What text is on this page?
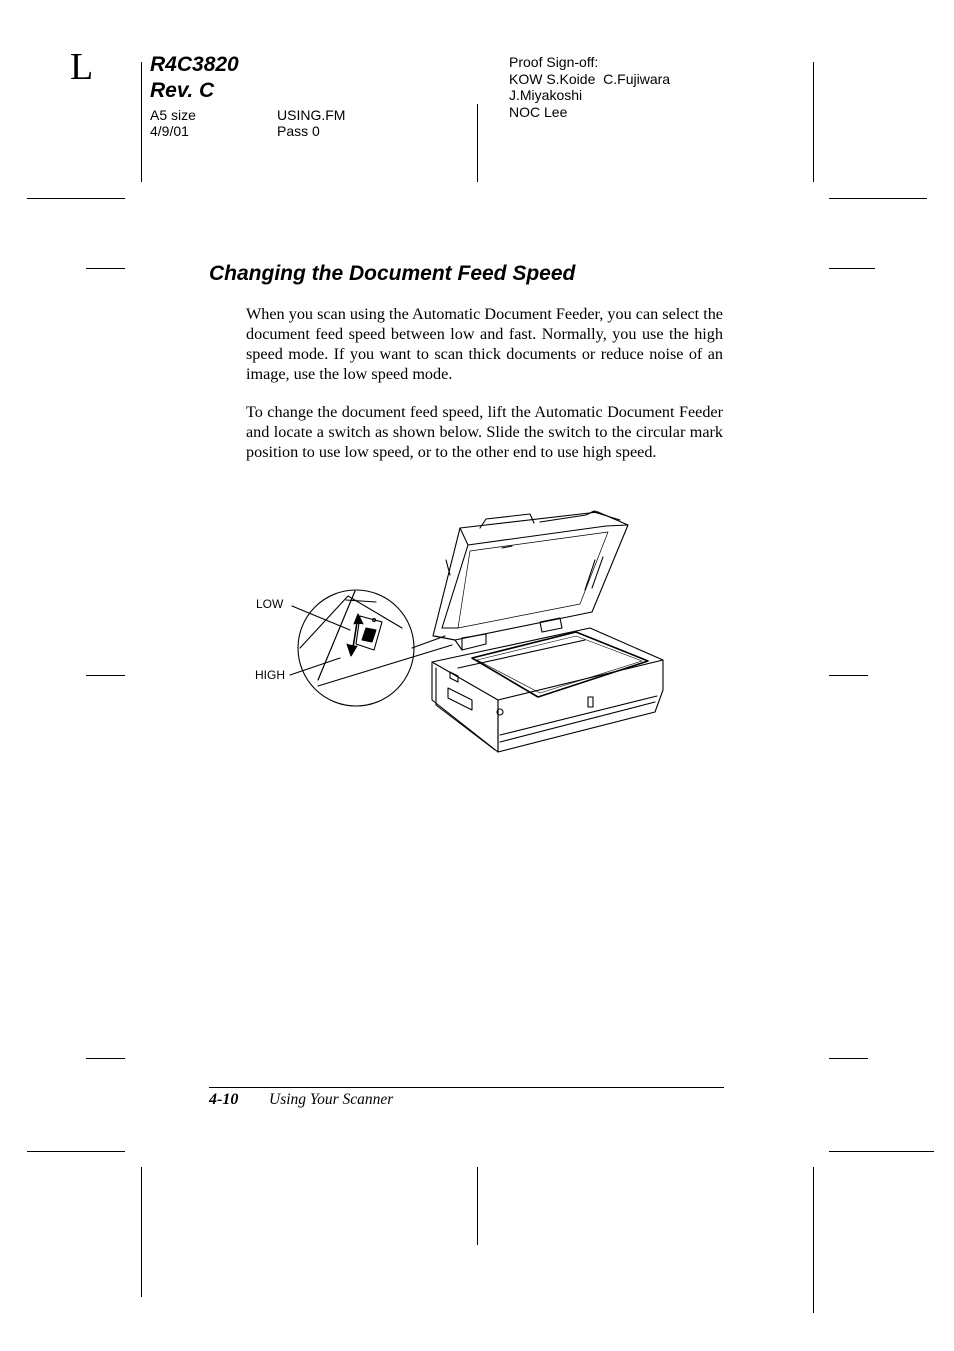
L	R4C3820
Rev. C
A5 size
4/9/01
USING.FM
Pass 0
Proof Sign-off:
KOW S.Koide  C.Fujiwara
J.Miyakoshi
NOC Lee
Changing the Document Feed Speed
When you scan using the Automatic Document Feeder, you can select the document feed speed between low and fast. Normally, you use the high speed mode. If you want to scan thick documents or reduce noise of an image, use the low speed mode.
To change the document feed speed, lift the Automatic Document Feeder and locate a switch as shown below. Slide the switch to the circular mark position to use low speed, or to the other end to use high speed.
LOW
HIGH
4-10 Using Your Scanner
